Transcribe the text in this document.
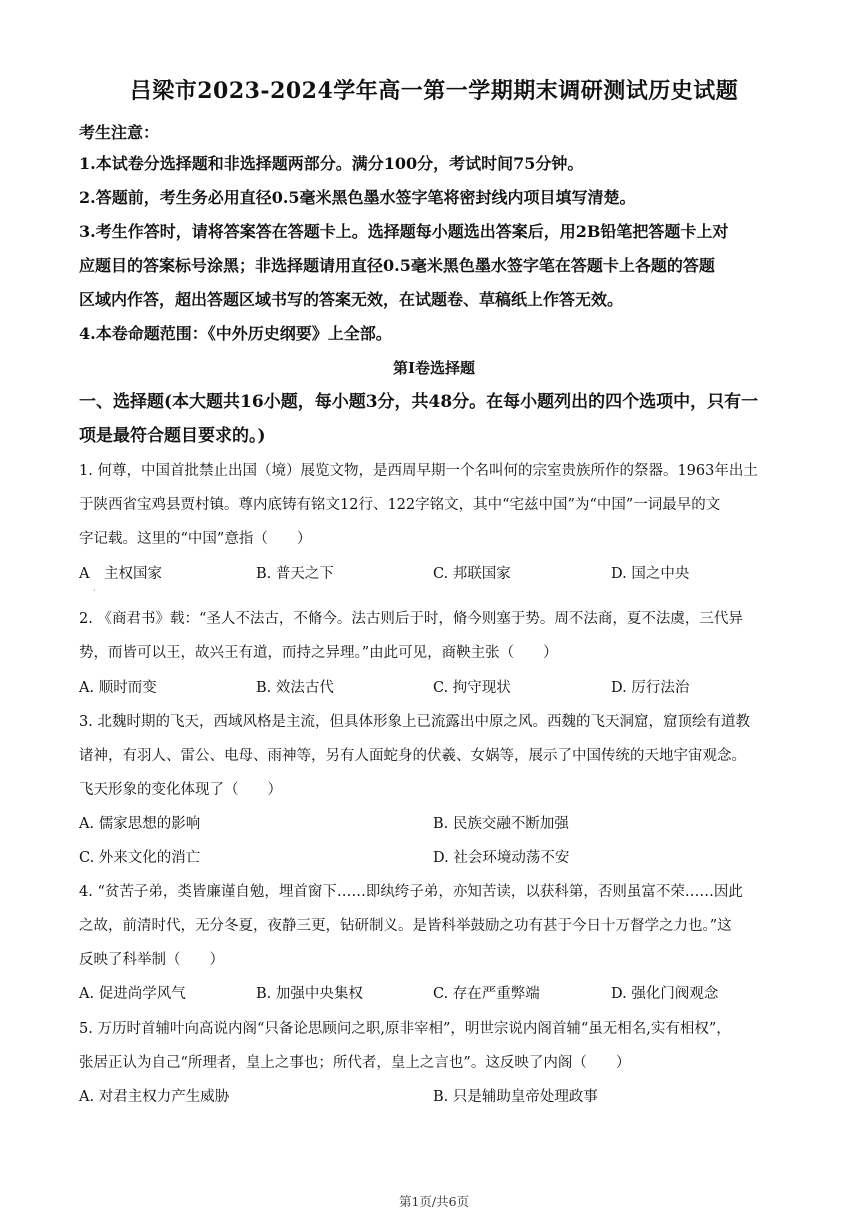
吕梁市2023-2024学年高一第一学期期末调研测试历史试题
考生注意：
1.本试卷分选择题和非选择题两部分。满分100分，考试时间75分钟。
2.答题前，考生务必用直径0.5毫米黑色墨水签字笔将密封线内项目填写清楚。
3.考生作答时，请将答案答在答题卡上。选择题每小题选出答案后，用2B铅笔把答题卡上对
应题目的答案标号涂黑；非选择题请用直径0.5毫米黑色墨水签字笔在答题卡上各题的答题
区域内作答，超出答题区域书写的答案无效，在试题卷、草稿纸上作答无效。
4.本卷命题范围：《中外历史纲要》上全部。
第Ⅰ卷选择题
一、选择题(本大题共16小题，每小题3分，共48分。在每小题列出的四个选项中，只有一
项是最符合题目要求的。)
1. 何尊，中国首批禁止出国（境）展览文物，是西周早期一个名叫何的宗室贵族所作的祭器。1963年出土
于陕西省宝鸡县贾村镇。尊内底铸有铭文12行、122字铭文，其中“宅兹中国”为“中国”一词最早的文
字记载。这里的“中国”意指（　　）
A　主权国家	B. 普天之下	C. 邦联国家	D. 国之中央
·
2. 《商君书》载：“圣人不法古，不脩今。法古则后于时，脩今则塞于势。周不法商，夏不法虞，三代异
势，而皆可以王，故兴王有道，而持之异理。”由此可见，商鞅主张（　　）
A. 顺时而变	B. 效法古代	C. 拘守现状	D. 厉行法治
3. 北魏时期的飞天，西域风格是主流，但具体形象上已流露出中原之风。西魏的飞天洞窟，窟顶绘有道教
诸神，有羽人、雷公、电母、雨神等，另有人面蛇身的伏羲、女娲等，展示了中国传统的天地宇宙观念。
飞天形象的变化体现了（　　）
A. 儒家思想的影响	B. 民族交融不断加强
C. 外来文化的消亡	D. 社会环境动荡不安
4. “贫苦子弟，类皆廉谨自勉，埋首窗下……即纨绔子弟，亦知苦读，以获科第，否则虽富不荣……因此
之故，前清时代，无分冬夏，夜静三更，钻研制义。是皆科举鼓励之功有甚于今日十万督学之力也。”这
反映了科举制（　　）
A. 促进尚学风气	B. 加强中央集权	C. 存在严重弊端	D. 强化门阀观念
5. 万历时首辅叶向高说内阁“只备论思顾问之职,原非宰相”，明世宗说内阁首辅“虽无相名,实有相权”，
张居正认为自己“所理者，皇上之事也；所代者，皇上之言也”。这反映了内阁（　　）
A. 对君主权力产生威胁	B. 只是辅助皇帝处理政事
第1页/共6页
